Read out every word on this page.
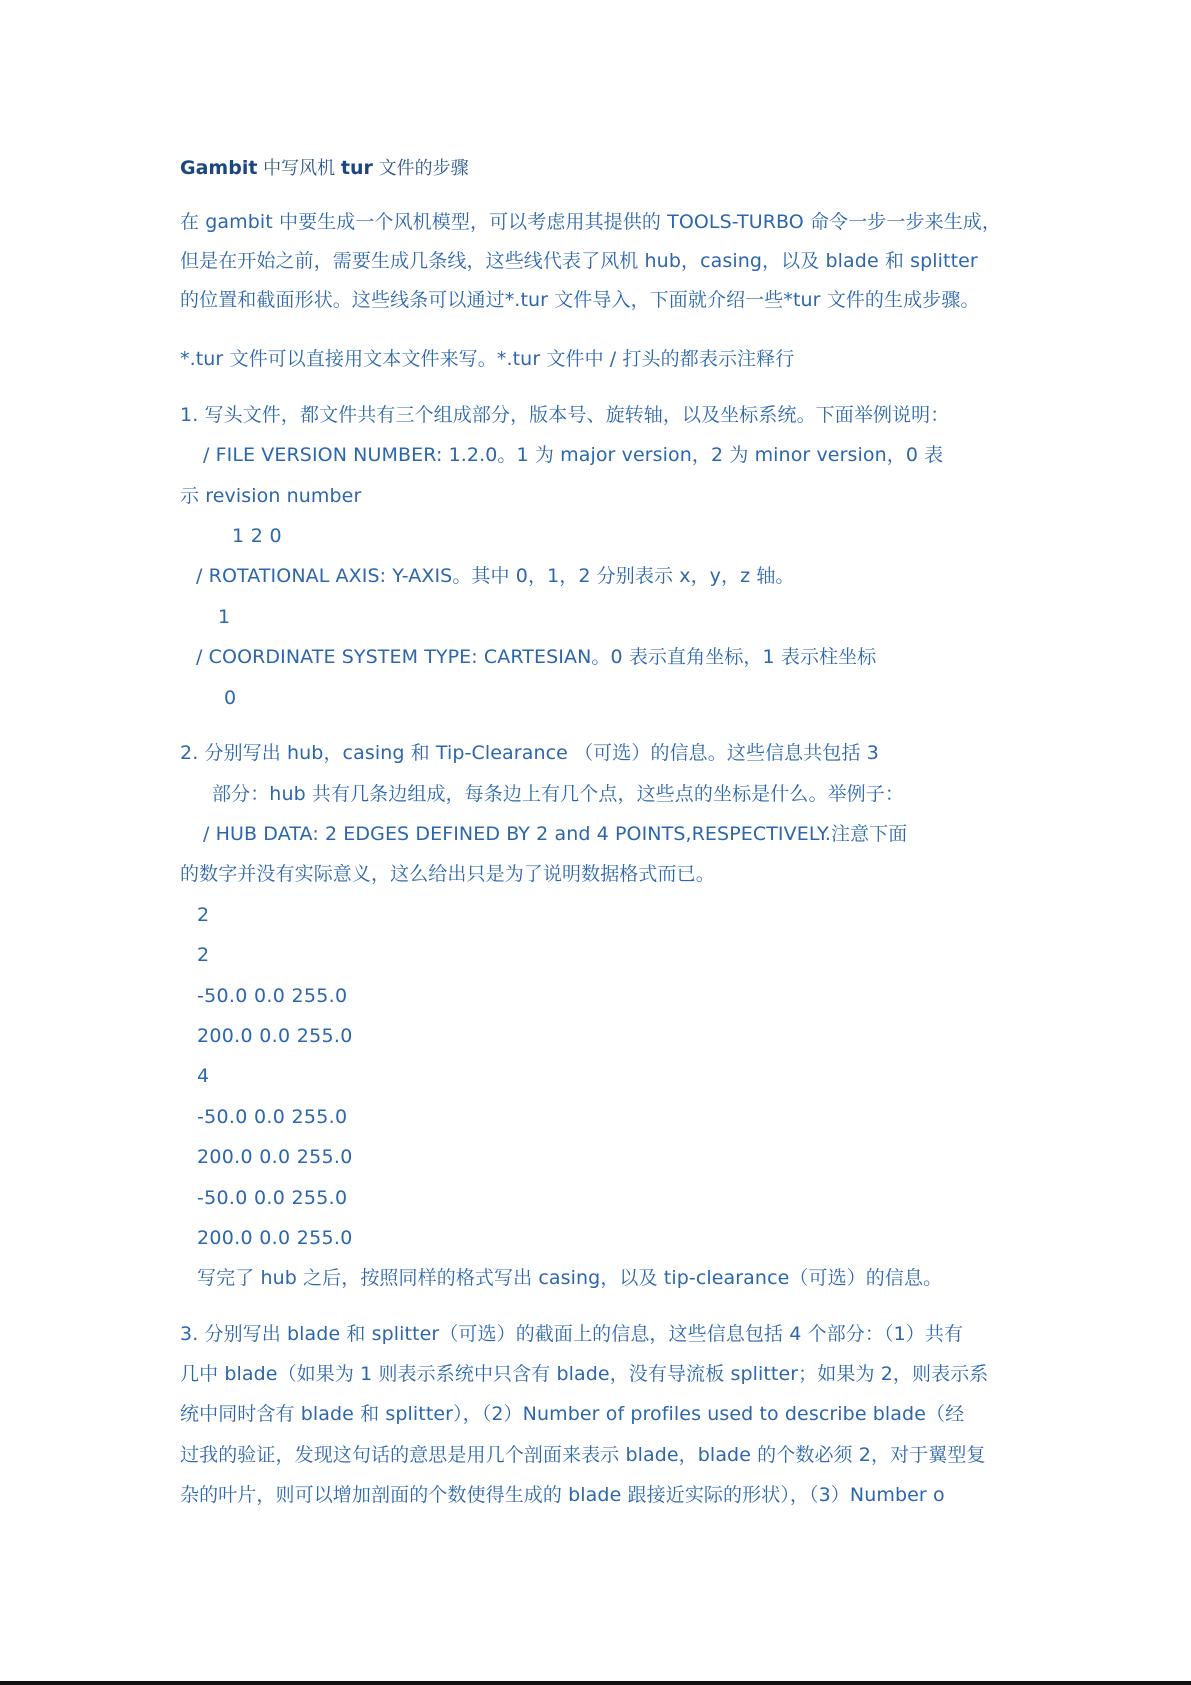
Gambit 中写风机 tur 文件的步骤
在 gambit 中要生成一个风机模型，可以考虑用其提供的 TOOLS-TURBO 命令一步一步来生成，
但是在开始之前，需要生成几条线，这些线代表了风机 hub，casing，以及 blade 和 splitter
的位置和截面形状。这些线条可以通过*.tur 文件导入，下面就介绍一些*tur 文件的生成步骤。
*.tur 文件可以直接用文本文件来写。*.tur 文件中 / 打头的都表示注释行
1. 写头文件，都文件共有三个组成部分，版本号、旋转轴，以及坐标系统。下面举例说明：
/ FILE VERSION NUMBER: 1.2.0。1 为 major version，2 为 minor version，0 表
示 revision number
1 2 0
/ ROTATIONAL AXIS: Y-AXIS。其中 0，1，2 分别表示 x，y，z 轴。
1
/ COORDINATE SYSTEM TYPE: CARTESIAN。0 表示直角坐标，1 表示柱坐标
0
2. 分别写出 hub，casing 和 Tip-Clearance （可选）的信息。这些信息共包括 3
部分：hub 共有几条边组成，每条边上有几个点，这些点的坐标是什么。举例子：
/ HUB DATA: 2 EDGES DEFINED BY 2 and 4 POINTS,RESPECTIVELY.注意下面
的数字并没有实际意义，这么给出只是为了说明数据格式而已。
2
2
-50.0 0.0 255.0
200.0 0.0 255.0
4
-50.0 0.0 255.0
200.0 0.0 255.0
-50.0 0.0 255.0
200.0 0.0 255.0
写完了 hub 之后，按照同样的格式写出 casing，以及 tip-clearance（可选）的信息。
3. 分别写出 blade 和 splitter（可选）的截面上的信息，这些信息包括 4 个部分：（1）共有
几中 blade（如果为 1 则表示系统中只含有 blade，没有导流板 splitter；如果为 2，则表示系
统中同时含有 blade 和 splitter），（2）Number of profiles used to describe blade（经
过我的验证，发现这句话的意思是用几个剖面来表示 blade，blade 的个数必须 2，对于翼型复
杂的叶片，则可以增加剖面的个数使得生成的 blade 跟接近实际的形状），（3）Number o
